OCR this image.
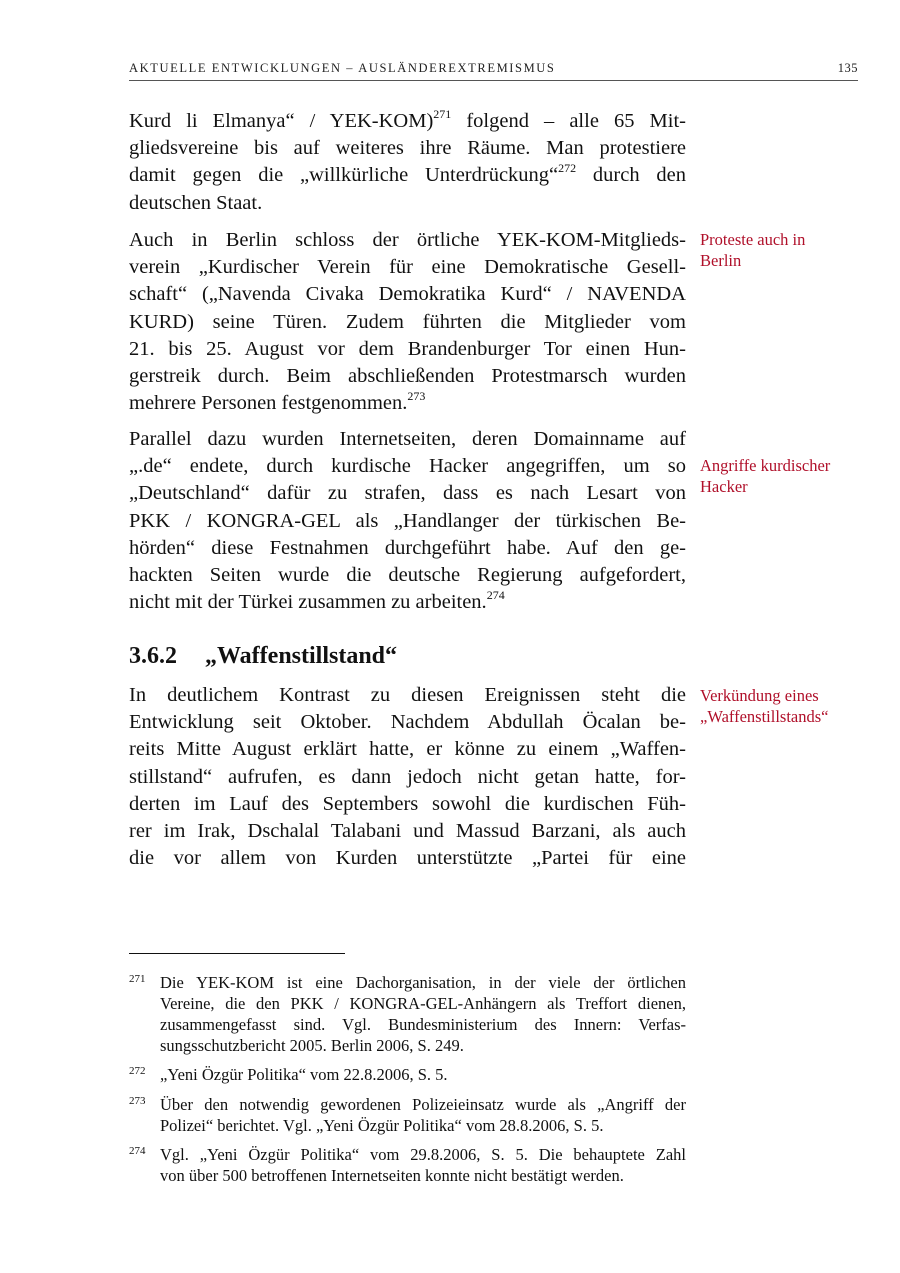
AKTUELLE ENTWICKLUNGEN – AUSLÄNDEREXTREMISMUS	135
Kurd li Elmanya“ / YEK-KOM)$^{271}$ folgend – alle 65 Mit-
gliedsvereine bis auf weiteres ihre Räume. Man protestiere
damit gegen die „willkürliche Unterdrückung“$^{272}$ durch den
deutschen Staat.
Auch in Berlin schloss der örtliche YEK-KOM-Mitglieds-
verein „Kurdischer Verein für eine Demokratische Gesell-
schaft“ („Navenda Civaka Demokratika Kurd“ / NAVENDA
KURD) seine Türen. Zudem führten die Mitglieder vom
21. bis 25. August vor dem Brandenburger Tor einen Hun-
gerstreik durch. Beim abschließenden Protestmarsch wurden
mehrere Personen festgenommen.$^{273}$
Parallel dazu wurden Internetseiten, deren Domainname auf
„.de“ endete, durch kurdische Hacker angegriffen, um so
„Deutschland“ dafür zu strafen, dass es nach Lesart von
PKK / KONGRA-GEL als „Handlanger der türkischen Be-
hörden“ diese Festnahmen durchgeführt habe. Auf den ge-
hackten Seiten wurde die deutsche Regierung aufgefordert,
nicht mit der Türkei zusammen zu arbeiten.$^{274}$
In deutlichem Kontrast zu diesen Ereignissen steht die
Entwicklung seit Oktober. Nachdem Abdullah Öcalan be-
reits Mitte August erklärt hatte, er könne zu einem „Waffen-
stillstand“ aufrufen, es dann jedoch nicht getan hatte, for-
derten im Lauf des Septembers sowohl die kurdischen Füh-
rer im Irak, Dschalal Talabani und Massud Barzani, als auch
die vor allem von Kurden unterstützte „Partei für eine
3.6.2 „Waffenstillstand“
Proteste auch in
Berlin
Angriffe kurdischer
Hacker
Verkündung eines
„Waffenstillstands“
271 Die YEK-KOM ist eine Dachorganisation, in der viele der örtlichen
Vereine, die den PKK / KONGRA-GEL-Anhängern als Treffort dienen,
zusammengefasst sind. Vgl. Bundesministerium des Innern: Verfas-
sungsschutzbericht 2005. Berlin 2006, S. 249.
272 „Yeni Özgür Politika“ vom 22.8.2006, S. 5.
273 Über den notwendig gewordenen Polizeieinsatz wurde als „Angriff der
Polizei“ berichtet. Vgl. „Yeni Özgür Politika“ vom 28.8.2006, S. 5.
274 Vgl. „Yeni Özgür Politika“ vom 29.8.2006, S. 5. Die behauptete Zahl
von über 500 betroffenen Internetseiten konnte nicht bestätigt werden.
